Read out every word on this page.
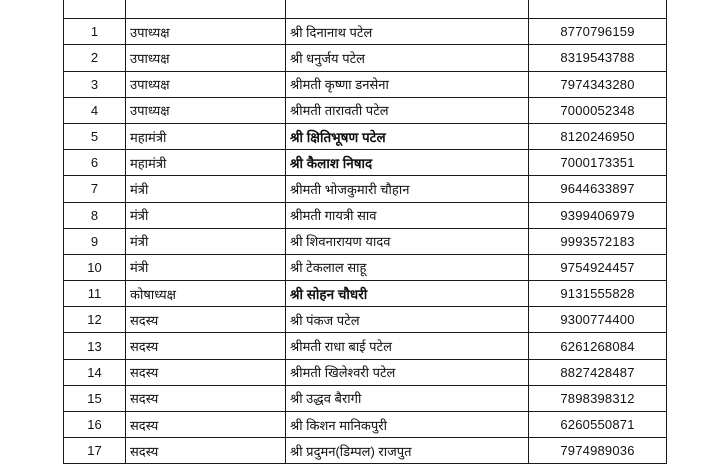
1	उपाध्यक्ष	श्री दिनानाथ पटेल	8770796159
2	उपाध्यक्ष	श्री धनुर्जय पटेल	8319543788
3	उपाध्यक्ष	श्रीमती कृष्णा डनसेना	7974343280
4	उपाध्यक्ष	श्रीमती तारावती पटेल	7000052348
5	महामंत्री	श्री क्षितिभूषण पटेल	8120246950
6	महामंत्री	श्री कैलाश निषाद	7000173351
7	मंत्री	श्रीमती भोजकुमारी चौहान	9644633897
8	मंत्री	श्रीमती गायत्री साव	9399406979
9	मंत्री	श्री शिवनारायण यादव	9993572183
10	मंत्री	श्री टेकलाल साहू	9754924457
11	कोषाध्यक्ष	श्री सोहन चौधरी	9131555828
12	सदस्य	श्री पंकज पटेल	9300774400
13	सदस्य	श्रीमती राधा बाई पटेल	6261268084
14	सदस्य	श्रीमती खिलेश्वरी पटेल	8827428487
15	सदस्य	श्री उद्धव बैरागी	7898398312
16	सदस्य	श्री किशन मानिकपुरी	6260550871
17	सदस्य	श्री प्रदुमन(डिम्पल) राजपुत	7974989036
